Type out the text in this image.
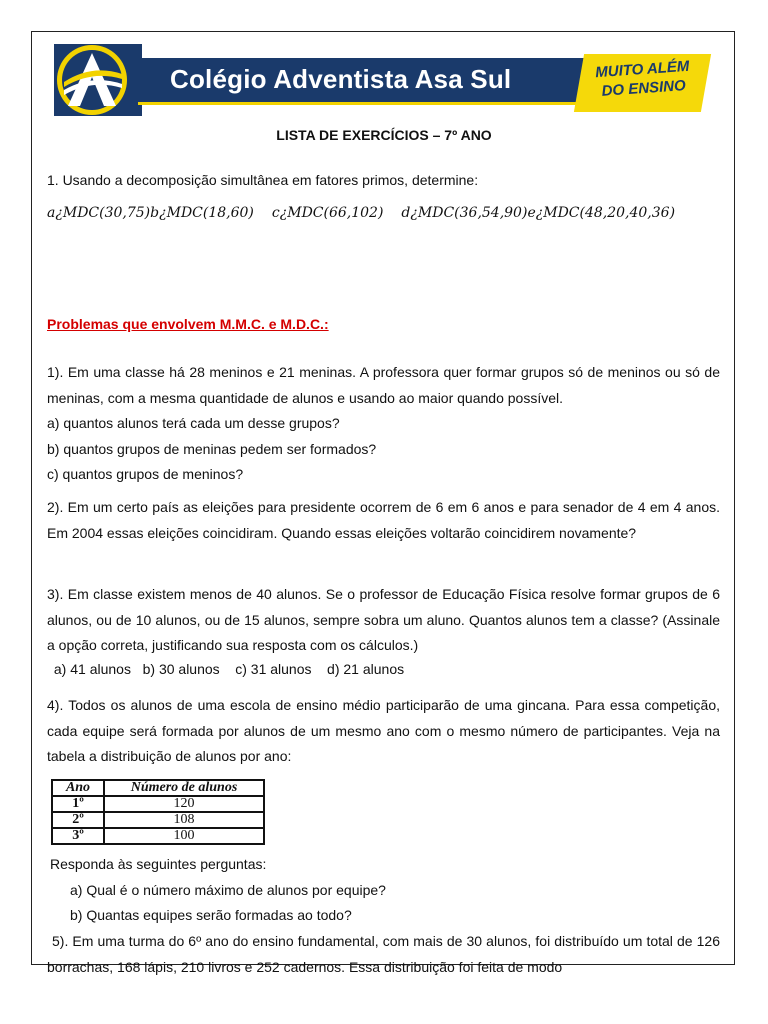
Colégio Adventista Asa Sul	MUITO ALÉM
DO ENSINO
LISTA DE EXERCÍCIOS – 7º ANO
1. Usando a decomposição simultânea em fatores primos, determine:
a¿MDC(30,75)b¿MDC(18,60) c¿MDC(66,102) d¿MDC(36,54,90)e¿MDC(48,20,40,36)
Problemas que envolvem M.M.C. e M.D.C.:

1). Em uma classe há 28 meninos e 21 meninas. A professora quer formar grupos só de meninos ou só de meninas, com a mesma quantidade de alunos e usando ao maior quando possível.

a) quantos alunos terá cada um desse grupos?

b) quantos grupos de meninas pedem ser formados?

c) quantos grupos de meninos?

2). Em um certo país as eleições para presidente ocorrem de 6 em 6 anos e para senador de 4 em 4 anos. Em 2004 essas eleições coincidiram. Quando essas eleições voltarão coincidirem novamente?

3). Em classe existem menos de 40 alunos. Se o professor de Educação Física resolve formar grupos de 6 alunos, ou de 10 alunos, ou de 15 alunos, sempre sobra um aluno. Quantos alunos tem a classe? (Assinale a opção correta, justificando sua resposta com os cálculos.)

a) 41 alunos   b) 30 alunos    c) 31 alunos    d) 21 alunos

4). Todos os alunos de uma escola de ensino médio participarão de uma gincana. Para essa competição, cada equipe será formada por alunos de um mesmo ano com o mesmo número de participantes. Veja na tabela a distribuição de alunos por ano:

Ano	Número de alunos
1º	120
2º	108
3º	100
Responda às seguintes perguntas:
a) Qual é o número máximo de alunos por equipe?
b) Quantas equipes serão formadas ao todo?

5). Em uma turma do 6º ano do ensino fundamental, com mais de 30 alunos, foi distribuído um total de 126 borrachas, 168 lápis, 210 livros e 252 cadernos. Essa distribuição foi feita de modo
